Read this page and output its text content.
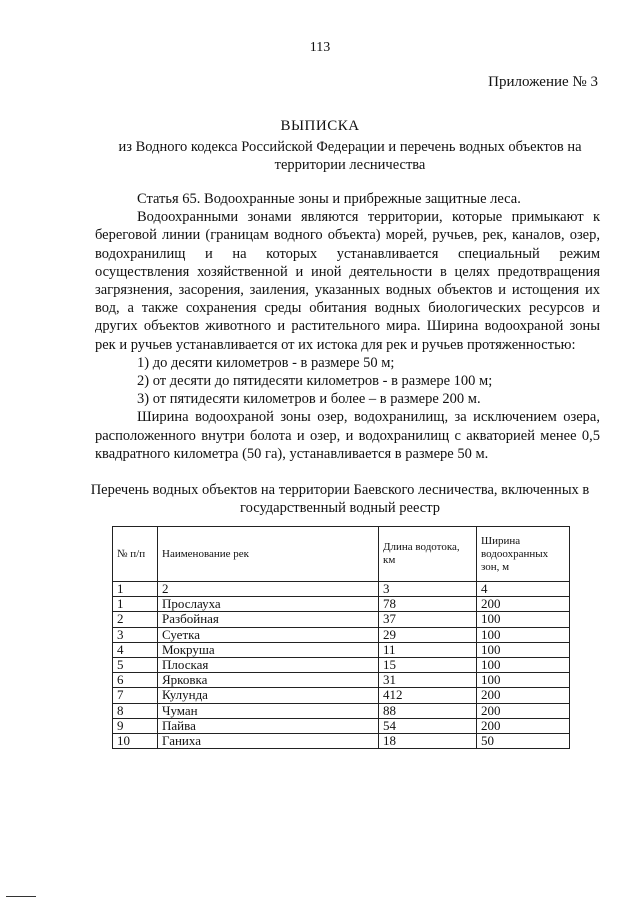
113
Приложение № 3
ВЫПИСКА
из Водного кодекса Российской Федерации и перечень водных объектов на территории лесничества

Статья 65. Водоохранные зоны и прибрежные защитные леса.

Водоохранными зонами являются территории, которые примыкают к береговой линии (границам водного объекта) морей, ручьев, рек, каналов, озер, водохранилищ и на которых устанавливается специальный режим осуществления хозяйственной и иной деятельности в целях предотвращения загрязнения, засорения, заиления, указанных водных объектов и истощения их вод, а также сохранения среды обитания водных биологических ресурсов и других объектов животного и растительного мира. Ширина водоохраной зоны рек и ручьев устанавливается от их истока для рек и ручьев протяженностью:

1) до десяти километров - в размере 50 м;

2) от десяти до пятидесяти километров - в размере 100 м;

3) от пятидесяти километров и более – в размере 200 м.

Ширина водоохраной зоны озер, водохранилищ, за исключением озера, расположенного внутри болота и озер, и водохранилищ с акваторией менее 0,5 квадратного километра (50 га), устанавливается в размере 50 м.

Перечень водных объектов на территории Баевского лесничества, включенных в государственный водный реестр
№ п/п	Наименование рек	Длина водотока, км	Ширина водоохранных зон, м
1	2	3	4
1	Прослауха	78	200
2	Разбойная	37	100
3	Суетка	29	100
4	Мокруша	11	100
5	Плоская	15	100
6	Ярковка	31	100
7	Кулунда	412	200
8	Чуман	88	200
9	Пайва	54	200
10	Ганиха	18	50
